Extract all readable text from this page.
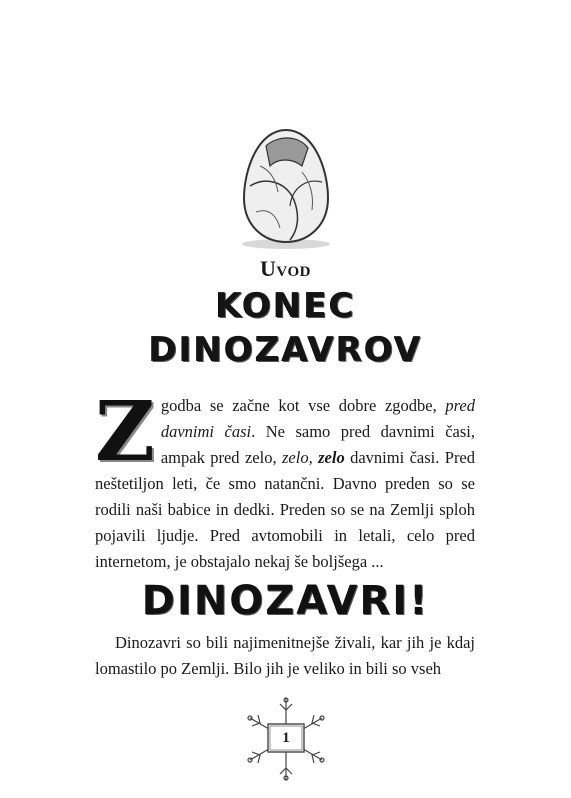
Uvod
KONEC
DINOZAVROV
Zgodba se začne kot vse dobre zgodbe, pred davnimi časi. Ne samo pred davnimi časi, ampak pred zelo, zelo, zelo davnimi časi. Pred neštetiljon leti, če smo natančni. Davno preden so se rodili naši babice in dedki. Preden so se na Zemlji sploh pojavili ljudje. Pred avtomobili in letali, celo pred internetom, je obstajalo nekaj še boljšega ...
DINOZAVRI!
Dinozavri so bili najimenitnejše živali, kar jih je kdaj lomastilo po Zemlji. Bilo jih je veliko in bili so vseh
1
